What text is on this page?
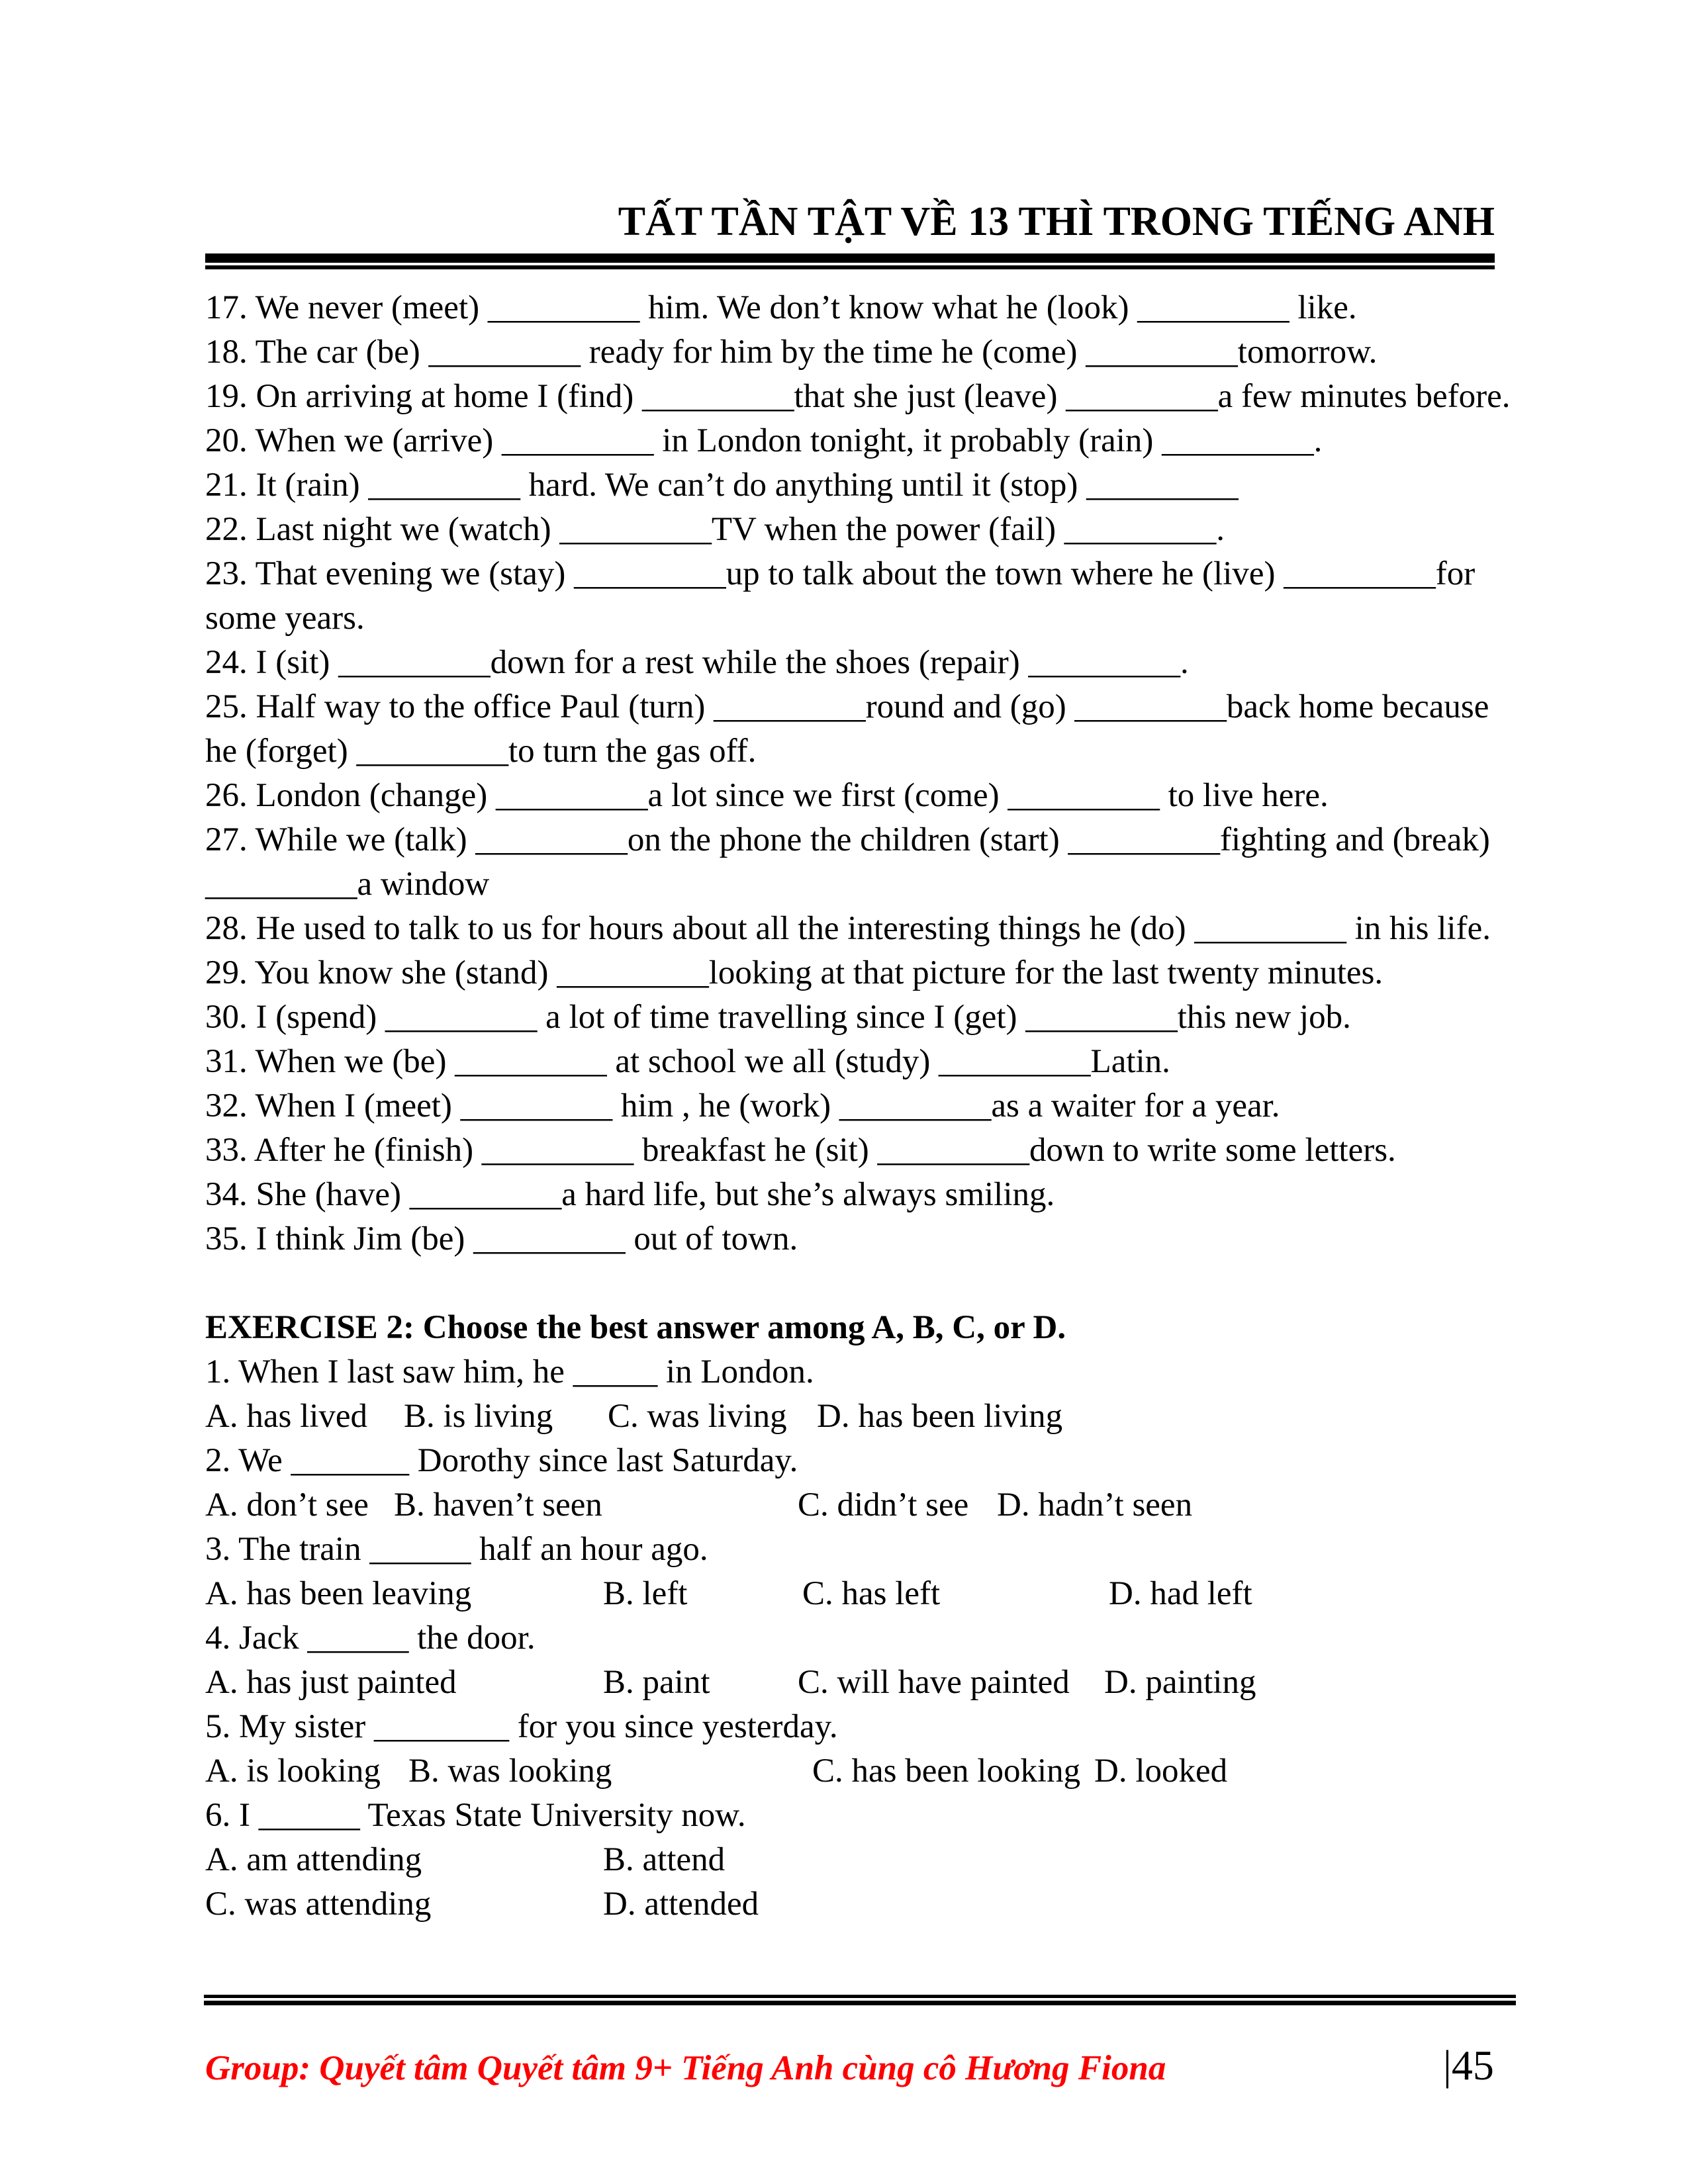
TẤT TẦN TẬT VỀ 13 THÌ TRONG TIẾNG ANH
17. We never (meet) _________ him. We don’t know what he (look) _________ like.
18. The car (be) _________ ready for him by the time he (come) _________tomorrow.
19. On arriving at home I (find) _________that she just (leave) _________a few minutes before.
20. When we (arrive) _________ in London tonight, it probably (rain) _________.
21. It (rain) _________ hard. We can’t do anything until it (stop) _________
22. Last night we (watch) _________TV when the power (fail) _________.
23. That evening we (stay) _________up to talk about the town where he (live) _________for
some years.
24. I (sit) _________down for a rest while the shoes (repair) _________.
25. Half way to the office Paul (turn) _________round and (go) _________back home because
he (forget) _________to turn the gas off.
26. London (change) _________a lot since we first (come) _________ to live here.
27. While we (talk) _________on the phone the children (start) _________fighting and (break)
_________a window
28. He used to talk to us for hours about all the interesting things he (do) _________ in his life.
29. You know she (stand) _________looking at that picture for the last twenty minutes.
30. I (spend) _________ a lot of time travelling since I (get) _________this new job.
31. When we (be) _________ at school we all (study) _________Latin.
32. When I (meet) _________ him , he (work) _________as a waiter for a year.
33. After he (finish) _________ breakfast he (sit) _________down to write some letters.
34. She (have) _________a hard life, but she’s always smiling.
35. I think Jim (be) _________ out of town.
EXERCISE 2: Choose the best answer among A, B, C, or D.
1. When I last saw him, he _____ in London.

A. has lived

B. is living

C. was living

D. has been living

2. We _______ Dorothy since last Saturday.

A. don’t see

B. haven’t seen

	C. didn’t see

D. hadn’t seen

3. The train ______ half an hour ago.

A. has been leaving

	B. left

	C. has left

	D. had left

4. Jack ______ the door.

A. has just painted

	B. paint

	C. will have painted

D. painting

5. My sister ________ for you since yesterday.

A. is looking

B. was looking

	C. has been looking

D. looked

6. I ______ Texas State University now.

A. am attending

	B. attend

C. was attending

	D. attended

Group: Quyết tâm Quyết tâm 9+ Tiếng Anh cùng cô Hương Fiona	|45
